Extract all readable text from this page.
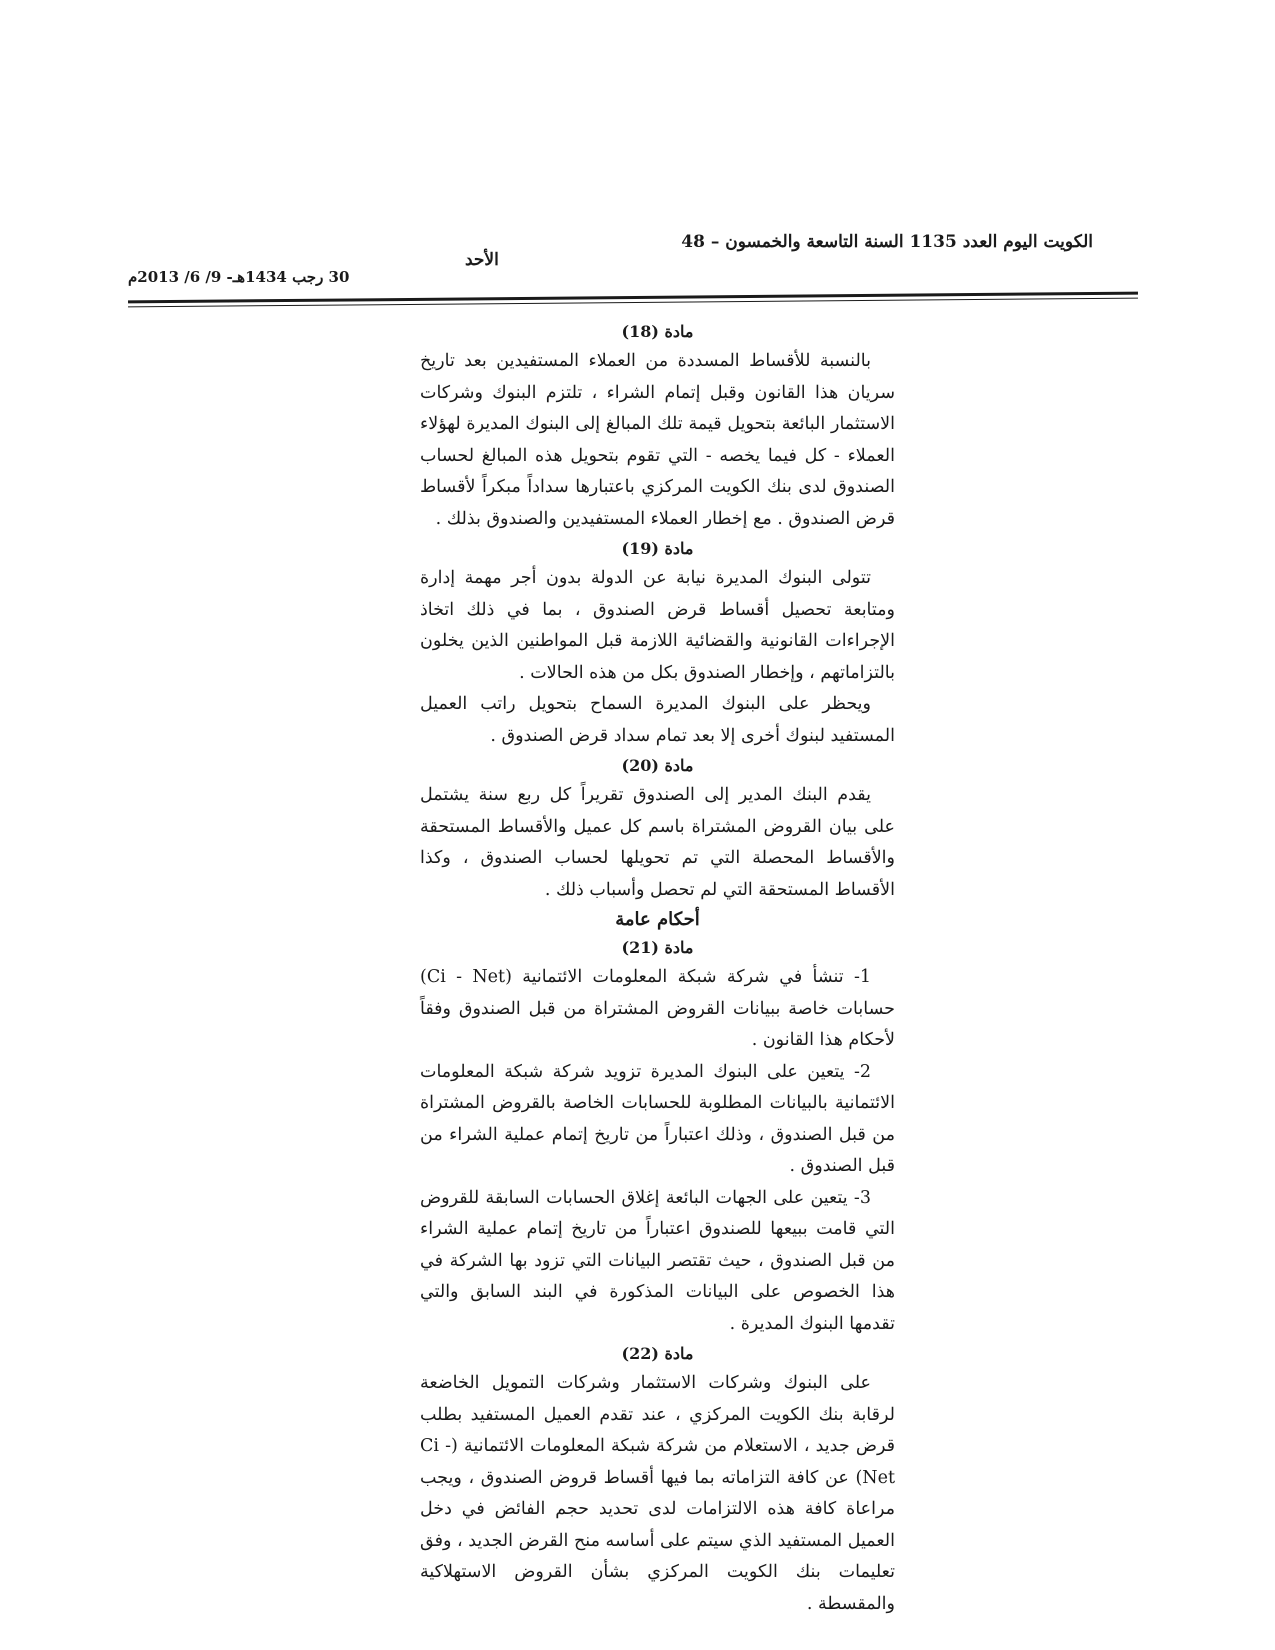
الكويت اليوم العدد 1135 السنة التاسعة والخمسون – 48
الأحد
30 رجب 1434هـ- 9/ 6/ 2013م

مادة (18)

بالنسبة للأقساط المسددة من العملاء المستفيدين بعد تاريخ سريان هذا القانون وقبل إتمام الشراء ، تلتزم البنوك وشركات الاستثمار البائعة بتحويل قيمة تلك المبالغ إلى البنوك المديرة لهؤلاء العملاء - كل فيما يخصه - التي تقوم بتحويل هذه المبالغ لحساب الصندوق لدى بنك الكويت المركزي باعتبارها سداداً مبكراً لأقساط قرض الصندوق . مع إخطار العملاء المستفيدين والصندوق بذلك .

مادة (19)

تتولى البنوك المديرة نيابة عن الدولة بدون أجر مهمة إدارة ومتابعة تحصيل أقساط قرض الصندوق ، بما في ذلك اتخاذ الإجراءات القانونية والقضائية اللازمة قبل المواطنين الذين يخلون بالتزاماتهم ، وإخطار الصندوق بكل من هذه الحالات .

ويحظر على البنوك المديرة السماح بتحويل راتب العميل المستفيد لبنوك أخرى إلا بعد تمام سداد قرض الصندوق .

مادة (20)

يقدم البنك المدير إلى الصندوق تقريراً كل ربع سنة يشتمل على بيان القروض المشتراة باسم كل عميل والأقساط المستحقة والأقساط المحصلة التي تم تحويلها لحساب الصندوق ، وكذا الأقساط المستحقة التي لم تحصل وأسباب ذلك .

أحكام عامة

مادة (21)

1- تنشأ في شركة شبكة المعلومات الائتمانية (Ci - Net) حسابات خاصة ببيانات القروض المشتراة من قبل الصندوق وفقاً لأحكام هذا القانون .

2- يتعين على البنوك المديرة تزويد شركة شبكة المعلومات الائتمانية بالبيانات المطلوبة للحسابات الخاصة بالقروض المشتراة من قبل الصندوق ، وذلك اعتباراً من تاريخ إتمام عملية الشراء من قبل الصندوق .

3- يتعين على الجهات البائعة إغلاق الحسابات السابقة للقروض التي قامت ببيعها للصندوق اعتباراً من تاريخ إتمام عملية الشراء من قبل الصندوق ، حيث تقتصر البيانات التي تزود بها الشركة في هذا الخصوص على البيانات المذكورة في البند السابق والتي تقدمها البنوك المديرة .

مادة (22)

على البنوك وشركات الاستثمار وشركات التمويل الخاضعة لرقابة بنك الكويت المركزي ، عند تقدم العميل المستفيد بطلب قرض جديد ، الاستعلام من شركة شبكة المعلومات الائتمانية (Ci - Net) عن كافة التزاماته بما فيها أقساط قروض الصندوق ، ويجب مراعاة كافة هذه الالتزامات لدى تحديد حجم الفائض في دخل العميل المستفيد الذي سيتم على أساسه منح القرض الجديد ، وفق تعليمات بنك الكويت المركزي بشأن القروض الاستهلاكية والمقسطة .
